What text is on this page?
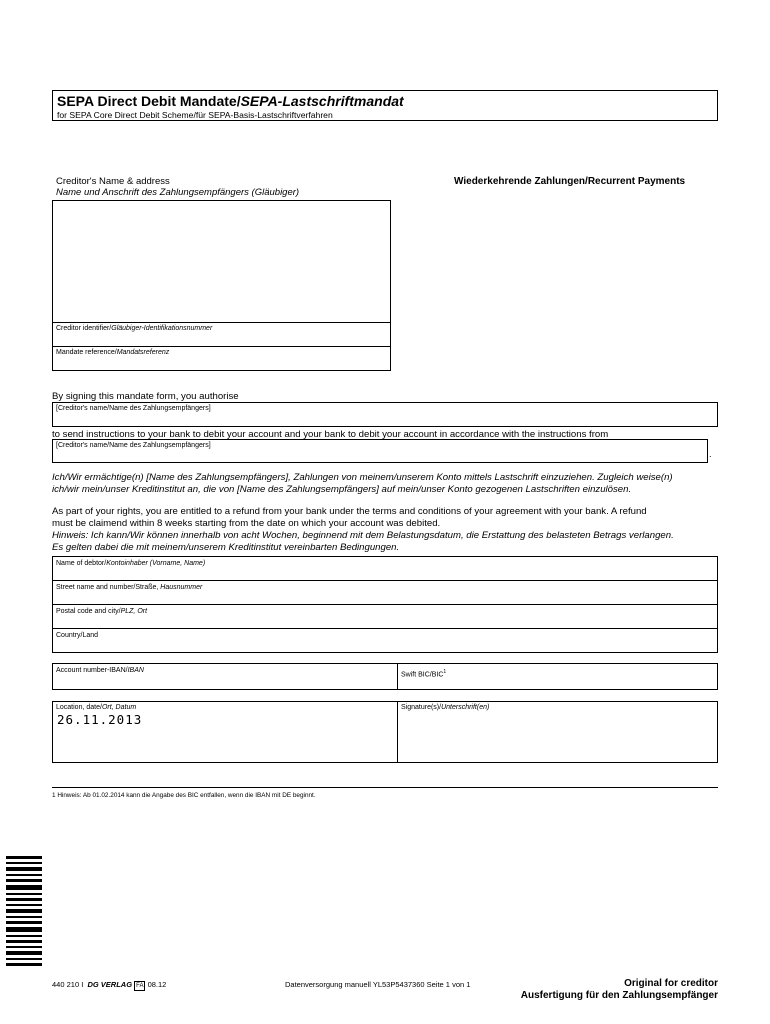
SEPA Direct Debit Mandate/SEPA-Lastschriftmandat
for SEPA Core Direct Debit Scheme/für SEPA-Basis-Lastschriftverfahren
Creditor's Name & address
Name und Anschrift des Zahlungsempfängers (Gläubiger)
Wiederkehrende Zahlungen/Recurrent Payments
Creditor identifier/Gläubiger-Identifikationsnummer
Mandate reference/Mandatsreferenz
By signing this mandate form, you authorise
[Creditor's name/Name des Zahlungsempfängers]
to send instructions to your bank to debit your account and your bank to debit your account in accordance with the instructions from
[Creditor's name/Name des Zahlungsempfängers]
.
Ich/Wir ermächtige(n) [Name des Zahlungsempfängers], Zahlungen von meinem/unserem Konto mittels Lastschrift einzuziehen. Zugleich weise(n)
ich/wir mein/unser Kreditinstitut an, die von [Name des Zahlungsempfängers] auf mein/unser Konto gezogenen Lastschriften einzulösen.
As part of your rights, you are entitled to a refund from your bank under the terms and conditions of your agreement with your bank. A refund
must be claimend within 8 weeks starting from the date on which your account was debited.
Hinweis: Ich kann/Wir können innerhalb von acht Wochen, beginnend mit dem Belastungsdatum, die Erstattung des belasteten Betrags verlangen.
Es gelten dabei die mit meinem/unserem Kreditinstitut vereinbarten Bedingungen.
Name of debtor/Kontoinhaber (Vorname, Name)
Street name and number/Straße, Hausnummer
Postal code and city/PLZ, Ort
Country/Land
Account number-IBAN/IBAN
Swift BIC/BIC$^1$
Location, date/Ort, Datum
26.11.2013
Signature(s)/Unterschrift(en)
1 Hinweis: Ab 01.02.2014 kann die Angabe des BIC entfallen, wenn die IBAN mit DE beginnt.
440 210 I DG VERLAG FA 08.12	Datenversorgung manuell YL53P5437360 Seite 1 von 1	Original for creditor
Ausfertigung für den Zahlungsempfänger
